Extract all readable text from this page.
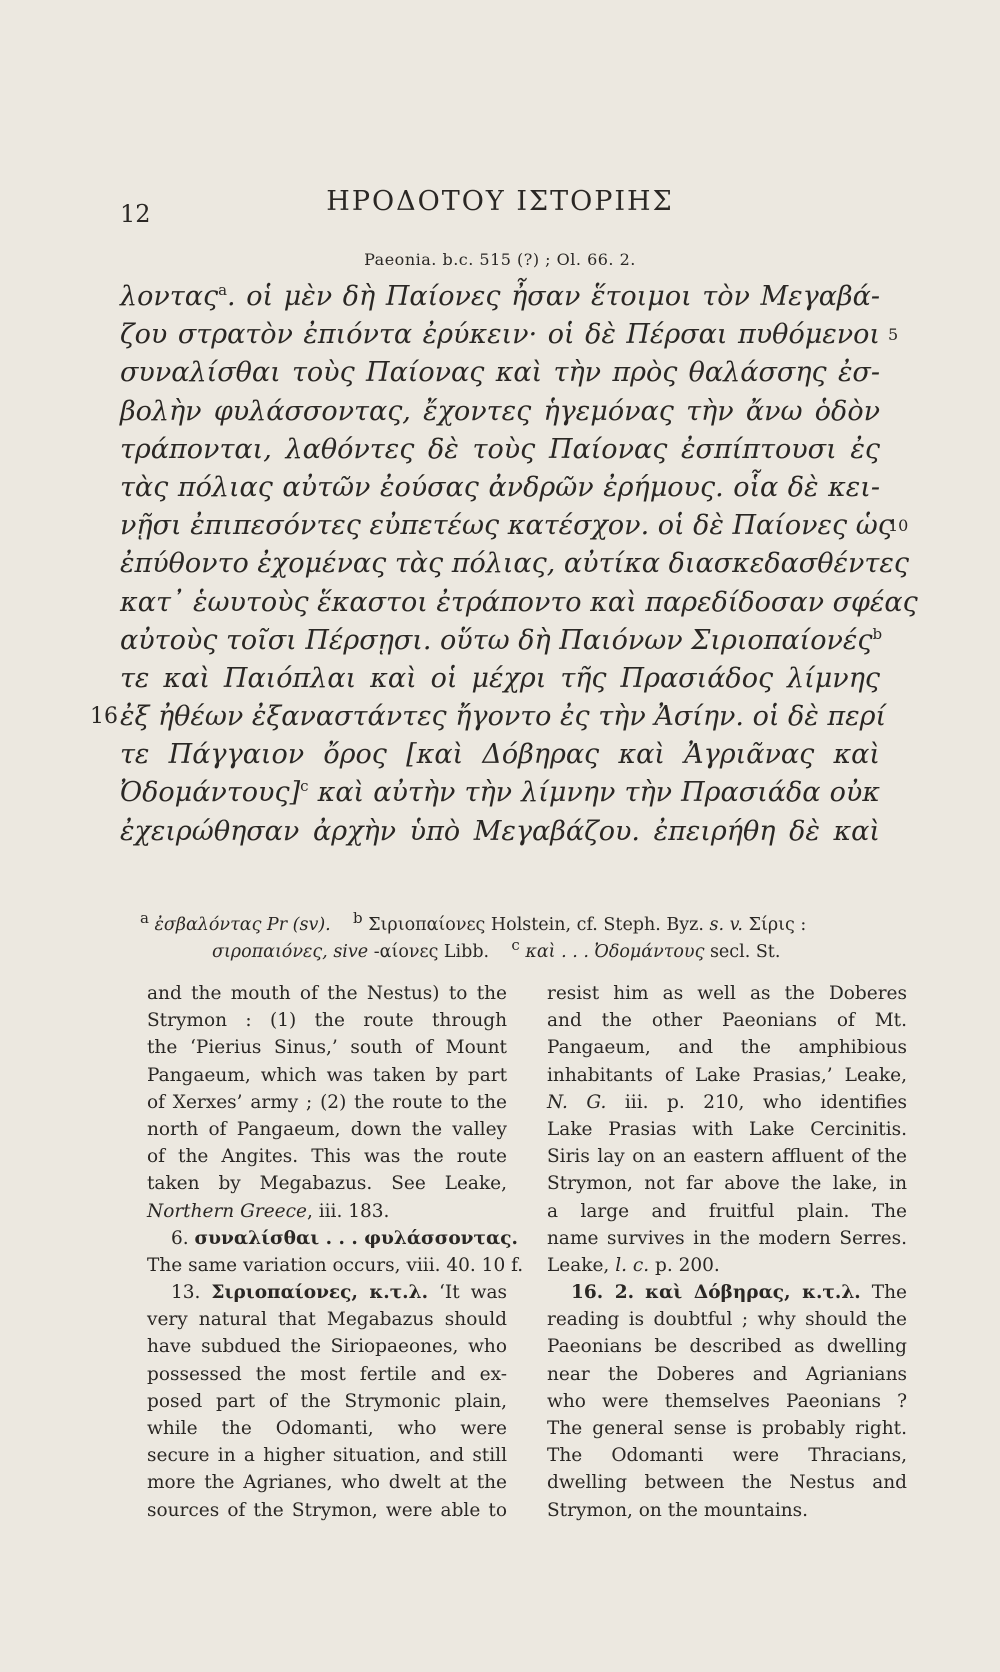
12	ΗΡΟΔΟΤΟΥ ΙΣΤΟΡΙΗΣ
Paeonia. b.c. 515 (?) ; Ol. 66. 2.
λοντας$^a$. οἱ μὲν δὴ Παίονες ἦσαν ἕτοιμοι τὸν Μεγαβά-
ζου στρατὸν ἐπιόντα ἐρύκειν· οἱ δὲ Πέρσαι πυθόμενοι 5
συναλίσθαι τοὺς Παίονας καὶ τὴν πρὸς θαλάσσης ἐσ-
βολὴν φυλάσσοντας, ἔχοντες ἡγεμόνας τὴν ἄνω ὁδὸν
τράπονται, λαθόντες δὲ τοὺς Παίονας ἐσπίπτουσι ἐς
τὰς πόλιας αὐτῶν ἐούσας ἀνδρῶν ἐρήμους. οἷα δὲ κει-
νῇσι ἐπιπεσόντες εὐπετέως κατέσχον. οἱ δὲ Παίονες ὡς
10
ἐπύθοντο ἐχομένας τὰς πόλιας, αὐτίκα διασκεδασθέντες
κατ᾽ ἑωυτοὺς ἕκαστοι ἐτράποντο καὶ παρεδίδοσαν σφέας
αὐτοὺς τοῖσι Πέρσῃσι. οὕτω δὴ Παιόνων Σιριοπαίονές$^b$
τε καὶ Παιόπλαι καὶ οἱ μέχρι τῆς Πρασιάδος λίμνης
16 ἐξ ἠθέων ἐξαναστάντες ἤγοντο ἐς τὴν Ἀσίην. οἱ δὲ περί
τε Πάγγαιον ὄρος [καὶ Δόβηρας καὶ Ἀγριᾶνας καὶ
Ὀδομάντους]$^c$ καὶ αὐτὴν τὴν λίμνην τὴν Πρασιάδα οὐκ
ἐχειρώθησαν ἀρχὴν ὑπὸ Μεγαβάζου. ἐπειρήθη δὲ καὶ
$^a$ ἐσβαλόντας Pr (sv). $^b$ Σιριοπαίονες Holstein, cf. Steph. Byz. s. v. Σίρις :
σιροπαιόνες, sive -αίονες Libb. $^c$ καὶ . . . Ὀδομάντους secl. St.
and the mouth of the Nestus) to the
Strymon : (1) the route through
the ‘Pierius Sinus,’ south of Mount
Pangaeum, which was taken by part
of Xerxes’ army ; (2) the route to the
north of Pangaeum, down the valley
of the Angites. This was the route
taken by Megabazus. See Leake,
Northern Greece, iii. 183.
6. συναλίσθαι . . . φυλάσσοντας.
The same variation occurs, viii. 40. 10 f.
13. Σιριοπαίονες, κ.τ.λ. ‘It was
very natural that Megabazus should
have subdued the Siriopaeones, who
possessed the most fertile and ex-
posed part of the Strymonic plain,
while the Odomanti, who were
secure in a higher situation, and still
more the Agrianes, who dwelt at the
sources of the Strymon, were able to
resist him as well as the Doberes
and the other Paeonians of Mt.
Pangaeum, and the amphibious
inhabitants of Lake Prasias,’ Leake,
N. G. iii. p. 210, who identifies
Lake Prasias with Lake Cercinitis.
Siris lay on an eastern affluent of the
Strymon, not far above the lake, in
a large and fruitful plain. The
name survives in the modern Serres.
Leake, l. c. p. 200.
16. 2. καὶ Δόβηρας, κ.τ.λ. The
reading is doubtful ; why should the
Paeonians be described as dwelling
near the Doberes and Agrianians
who were themselves Paeonians ?
The general sense is probably right.
The Odomanti were Thracians,
dwelling between the Nestus and
Strymon, on the mountains.
